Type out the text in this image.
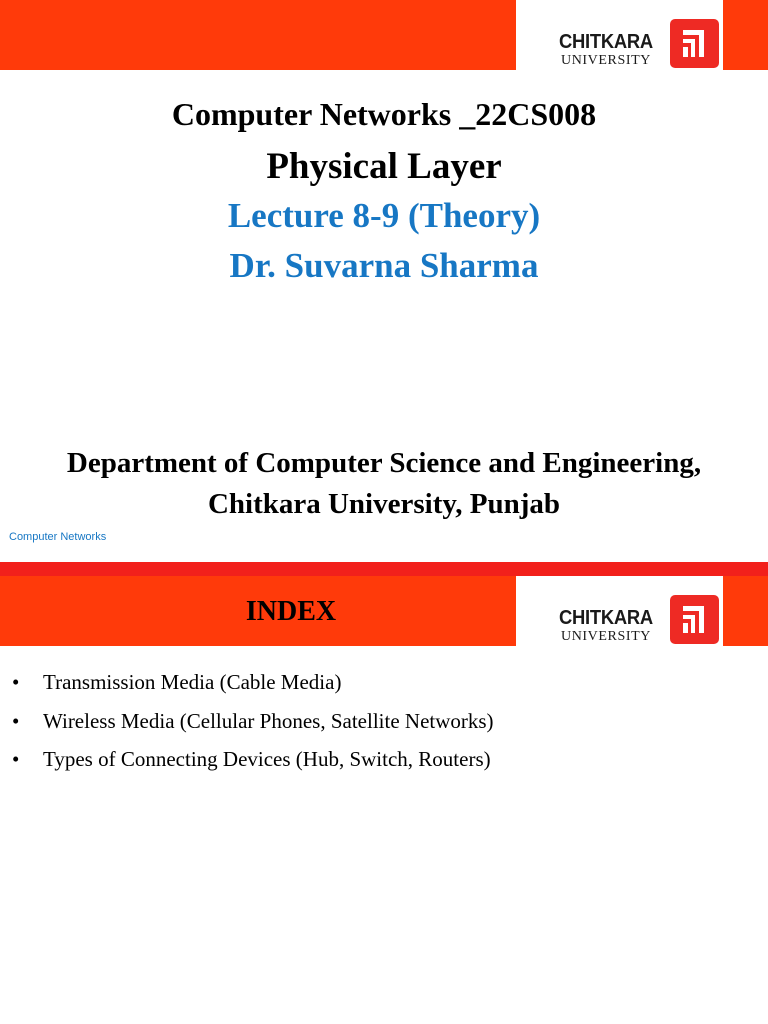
CHITKARA
UNIVERSITY
Computer Networks _22CS008
Physical Layer
Lecture 8-9 (Theory)
Dr. Suvarna Sharma

Department of Computer Science and Engineering,

Chitkara University, Punjab

Computer Networks

CHITKARA
UNIVERSITY
INDEX
•	Transmission Media (Cable Media)
•	Wireless Media (Cellular Phones, Satellite Networks)
•	Types of Connecting Devices (Hub, Switch, Routers)
